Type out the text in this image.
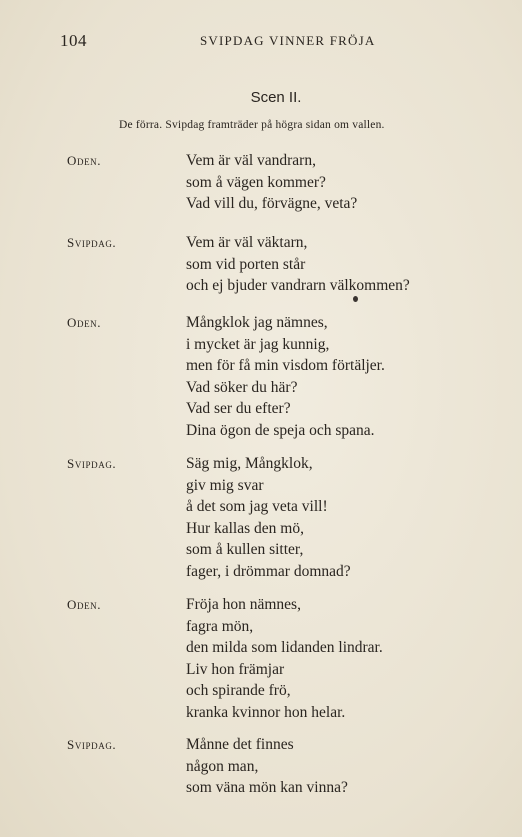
104	SVIPDAG VINNER FRÖJA
Scen II.
De förra. Svipdag framträder på högra sidan om vallen.
Oden.	Vem är väl vandrarn,
som å vägen kommer?
Vad vill du, förvägne, veta?
Svipdag.	Vem är väl väktarn,
som vid porten står
och ej bjuder vandrarn välkommen?
Oden.	Mångklok jag nämnes,
i mycket är jag kunnig,
men för få min visdom förtäljer.
Vad söker du här?
Vad ser du efter?
Dina ögon de speja och spana.
Svipdag.	Säg mig, Mångklok,
giv mig svar
å det som jag veta vill!
Hur kallas den mö,
som å kullen sitter,
fager, i drömmar domnad?
Oden.	Fröja hon nämnes,
fagra mön,
den milda som lidanden lindrar.
Liv hon främjar
och spirande frö,
kranka kvinnor hon helar.
Svipdag.	Månne det finnes
någon man,
som väna mön kan vinna?
